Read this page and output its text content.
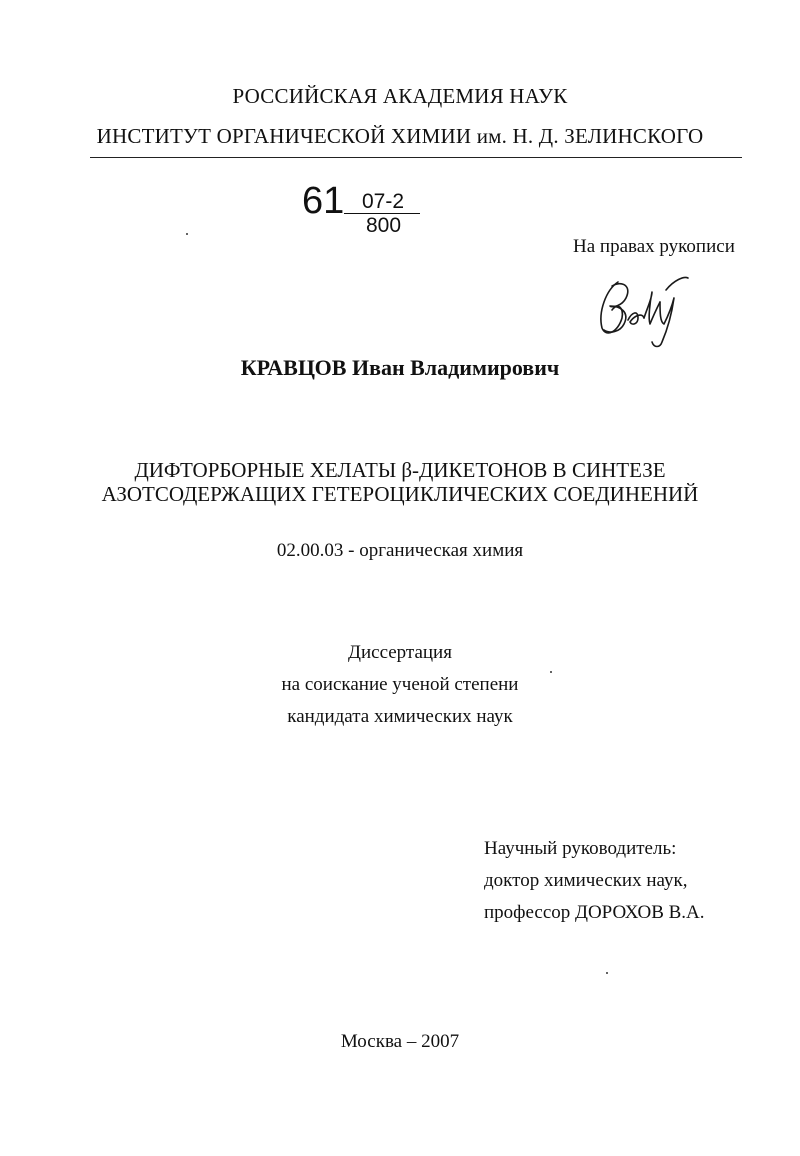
РОССИЙСКАЯ АКАДЕМИЯ НАУК
ИНСТИТУТ ОРГАНИЧЕСКОЙ ХИМИИ им. Н. Д. ЗЕЛИНСКОГО
61 07-2
800
На правах рукописи
КРАВЦОВ Иван Владимирович
ДИФТОРБОРНЫЕ ХЕЛАТЫ β-ДИКЕТОНОВ В СИНТЕЗЕ
АЗОТСОДЕРЖАЩИХ ГЕТЕРОЦИКЛИЧЕСКИХ СОЕДИНЕНИЙ
02.00.03 - органическая химия
Диссертация
на соискание ученой степени
кандидата химических наук
Научный руководитель:
доктор химических наук,
профессор ДОРОХОВ В.А.
Москва – 2007
